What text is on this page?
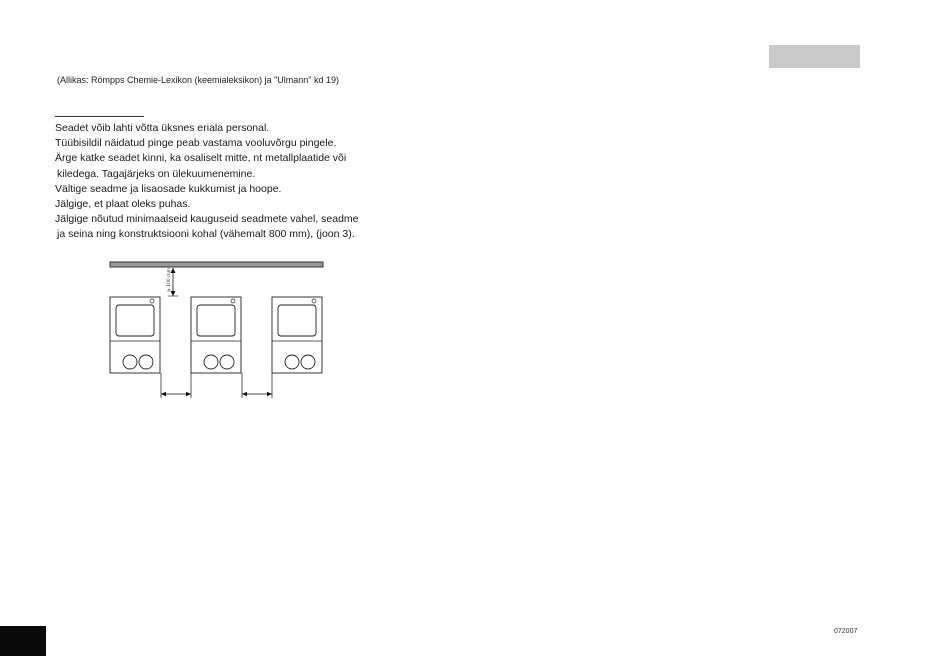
(Allikas: Römpps Chemie-Lexikon (keemialeksikon) ja "Ulmann" kd 19)
Seadet võib lahti võtta üksnes eriala personal.
Tüübisildil näidatud pinge peab vastama vooluvõrgu pingele.
Ärge katke seadet kinni, ka osaliselt mitte, nt metallplaatide või
kiledega. Tagajärjeks on ülekuumenemine.
Vältige seadme ja lisaosade kukkumist ja hoope.
Jälgige, et plaat oleks puhas.
Jälgige nõutud minimaalseid kauguseid seadmete vahel, seadme
ja seina ning konstruktsiooni kohal (vähemalt 800 mm), (joon 3).
≥ 100 mm
072007
